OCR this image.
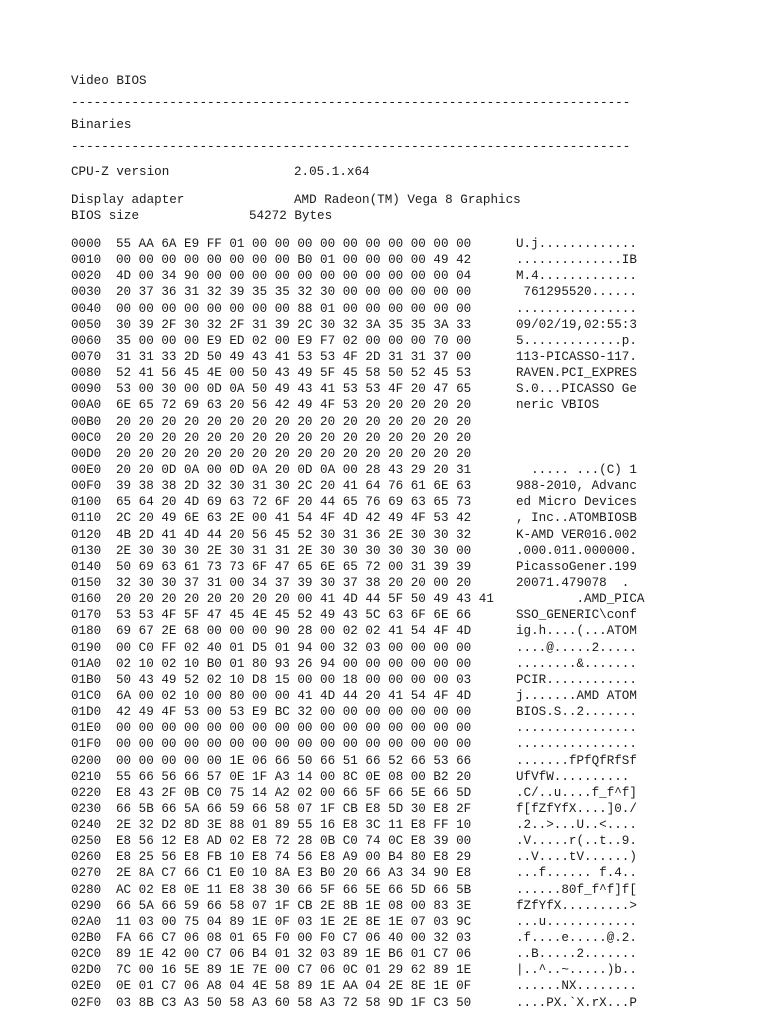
Video BIOS
--------------------------------------------------------------------------
Binaries
--------------------------------------------------------------------------
CPU-Z version	2.05.1.x64
Display adapter	AMD Radeon(TM) Vega 8 Graphics
BIOS size	54272 Bytes
0000 55 AA 6A E9 FF 01 00 00 00 00 00 00 00 00 00 00	U.j.............
0010 00 00 00 00 00 00 00 00 B0 01 00 00 00 00 49 42	..............IB
0020 4D 00 34 90 00 00 00 00 00 00 00 00 00 00 00 04	M.4.............
0030 20 37 36 31 32 39 35 35 32 30 00 00 00 00 00 00	761295520......
0040 00 00 00 00 00 00 00 00 88 01 00 00 00 00 00 00	................
0050 30 39 2F 30 32 2F 31 39 2C 30 32 3A 35 35 3A 33	09/02/19,02:55:3
0060 35 00 00 00 E9 ED 02 00 E9 F7 02 00 00 00 70 00	5.............p.
0070 31 31 33 2D 50 49 43 41 53 53 4F 2D 31 31 37 00	113-PICASSO-117.
0080 52 41 56 45 4E 00 50 43 49 5F 45 58 50 52 45 53	RAVEN.PCI_EXPRES
0090 53 00 30 00 0D 0A 50 49 43 41 53 53 4F 20 47 65	S.0...PICASSO Ge
00A0 6E 65 72 69 63 20 56 42 49 4F 53 20 20 20 20 20	neric VBIOS
00B0 20 20 20 20 20 20 20 20 20 20 20 20 20 20 20 20
00C0 20 20 20 20 20 20 20 20 20 20 20 20 20 20 20 20
00D0 20 20 20 20 20 20 20 20 20 20 20 20 20 20 20 20
00E0 20 20 0D 0A 00 0D 0A 20 0D 0A 00 28 43 29 20 31	..... ...(C) 1
00F0 39 38 38 2D 32 30 31 30 2C 20 41 64 76 61 6E 63	988-2010, Advanc
0100 65 64 20 4D 69 63 72 6F 20 44 65 76 69 63 65 73	ed Micro Devices
0110 2C 20 49 6E 63 2E 00 41 54 4F 4D 42 49 4F 53 42	, Inc..ATOMBIOSB
0120 4B 2D 41 4D 44 20 56 45 52 30 31 36 2E 30 30 32	K-AMD VER016.002
0130 2E 30 30 30 2E 30 31 31 2E 30 30 30 30 30 30 00	.000.011.000000.
0140 50 69 63 61 73 73 6F 47 65 6E 65 72 00 31 39 39	PicassoGener.199
0150 32 30 30 37 31 00 34 37 39 30 37 38 20 20 00 20	20071.479078  .
0160 20 20 20 20 20 20 20 20 00 41 4D 44 5F 50 49 43 41 .AMD_PICA
0170 53 53 4F 5F 47 45 4E 45 52 49 43 5C 63 6F 6E 66	SSO_GENERIC\conf
0180 69 67 2E 68 00 00 00 90 28 00 02 02 41 54 4F 4D	ig.h....(...ATOM
0190 00 C0 FF 02 40 01 D5 01 94 00 32 03 00 00 00 00	....@.....2.....
01A0 02 10 02 10 B0 01 80 93 26 94 00 00 00 00 00 00	........&.......
01B0 50 43 49 52 02 10 D8 15 00 00 18 00 00 00 00 03	PCIR............
01C0 6A 00 02 10 00 80 00 00 41 4D 44 20 41 54 4F 4D	j.......AMD ATOM
01D0 42 49 4F 53 00 53 E9 BC 32 00 00 00 00 00 00 00	BIOS.S..2.......
01E0 00 00 00 00 00 00 00 00 00 00 00 00 00 00 00 00	................
01F0 00 00 00 00 00 00 00 00 00 00 00 00 00 00 00 00	................
0200 00 00 00 00 00 1E 06 66 50 66 51 66 52 66 53 66	.......fPfQfRfSf
0210 55 66 56 66 57 0E 1F A3 14 00 8C 0E 08 00 B2 20	UfVfW..........
0220 E8 43 2F 0B C0 75 14 A2 02 00 66 5F 66 5E 66 5D	.C/..u....f_f^f]
0230 66 5B 66 5A 66 59 66 58 07 1F CB E8 5D 30 E8 2F	f[fZfYfX....]0./
0240 2E 32 D2 8D 3E 88 01 89 55 16 E8 3C 11 E8 FF 10	.2..>...U..<....
0250 E8 56 12 E8 AD 02 E8 72 28 0B C0 74 0C E8 39 00	.V.....r(..t..9.
0260 E8 25 56 E8 FB 10 E8 74 56 E8 A9 00 B4 80 E8 29	..V....tV......)
0270 2E 8A C7 66 C1 E0 10 8A E3 B0 20 66 A3 34 90 E8	...f...... f.4..
0280 AC 02 E8 0E 11 E8 38 30 66 5F 66 5E 66 5D 66 5B	......80f_f^f]f[
0290 66 5A 66 59 66 58 07 1F CB 2E 8B 1E 08 00 83 3E	fZfYfX.........>
02A0 11 03 00 75 04 89 1E 0F 03 1E 2E 8E 1E 07 03 9C	...u............
02B0 FA 66 C7 06 08 01 65 F0 00 F0 C7 06 40 00 32 03	.f....e.....@.2.
02C0 89 1E 42 00 C7 06 B4 01 32 03 89 1E B6 01 C7 06	..B.....2.......
02D0 7C 00 16 5E 89 1E 7E 00 C7 06 0C 01 29 62 89 1E	|..^..~.....)b..
02E0 0E 01 C7 06 A8 04 4E 58 89 1E AA 04 2E 8E 1E 0F	......NX........
02F0 03 8B C3 A3 50 58 A3 60 58 A3 72 58 9D 1F C3 50	....PX.`X.rX...P
